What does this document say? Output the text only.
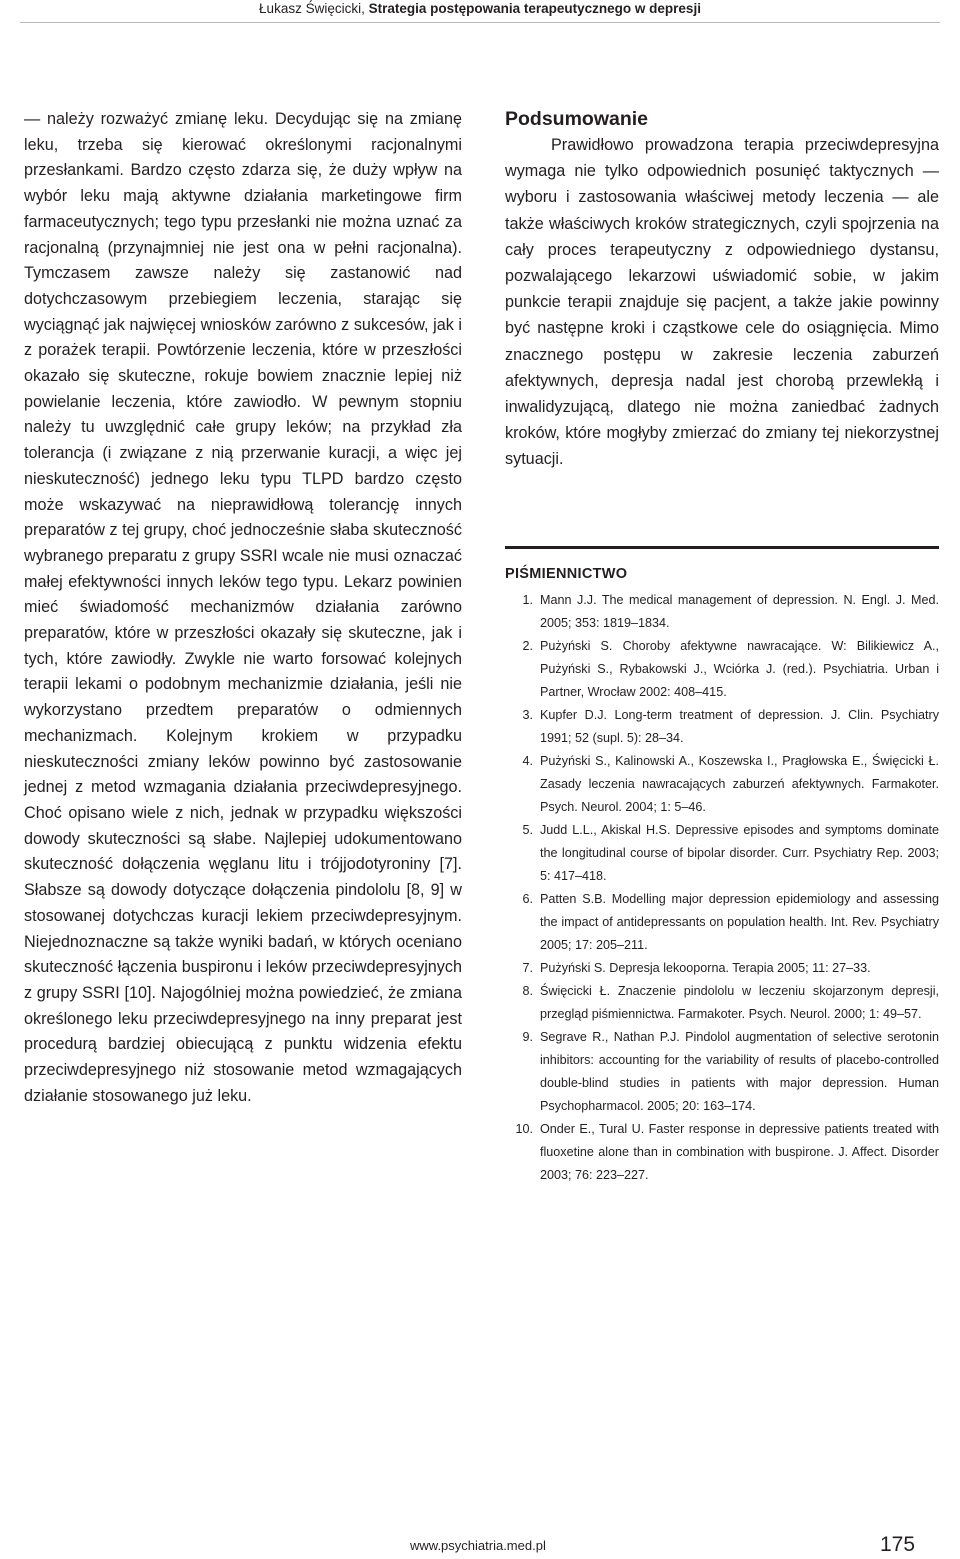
Łukasz Święcicki, Strategia postępowania terapeutycznego w depresji

— należy rozważyć zmianę leku. Decydując się na zmianę leku, trzeba się kierować określonymi racjonalnymi przesłankami. Bardzo często zdarza się, że duży wpływ na wybór leku mają aktywne działania marketingowe firm farmaceutycznych; tego typu przesłanki nie można uznać za racjonalną (przynajmniej nie jest ona w pełni racjonalna). Tymczasem zawsze należy się zastanowić nad dotychczasowym przebiegiem leczenia, starając się wyciągnąć jak najwięcej wniosków zarówno z sukcesów, jak i z porażek terapii. Powtórzenie leczenia, które w przeszłości okazało się skuteczne, rokuje bowiem znacznie lepiej niż powielanie leczenia, które zawiodło. W pewnym stopniu należy tu uwzględnić całe grupy leków; na przykład zła tolerancja (i związane z nią przerwanie kuracji, a więc jej nieskuteczność) jednego leku typu TLPD bardzo często może wskazywać na nieprawidłową tolerancję innych preparatów z tej grupy, choć jednocześnie słaba skuteczność wybranego preparatu z grupy SSRI wcale nie musi oznaczać małej efektywności innych leków tego typu. Lekarz powinien mieć świadomość mechanizmów działania zarówno preparatów, które w przeszłości okazały się skuteczne, jak i tych, które zawiodły. Zwykle nie warto forsować kolejnych terapii lekami o podobnym mechanizmie działania, jeśli nie wykorzystano przedtem preparatów o odmiennych mechanizmach. Kolejnym krokiem w przypadku nieskuteczności zmiany leków powinno być zastosowanie jednej z metod wzmagania działania przeciwdepresyjnego. Choć opisano wiele z nich, jednak w przypadku większości dowody skuteczności są słabe. Najlepiej udokumentowano skuteczność dołączenia węglanu litu i trójjodotyroniny [7]. Słabsze są dowody dotyczące dołączenia pindololu [8, 9] w stosowanej dotychczas kuracji lekiem przeciwdepresyjnym. Niejednoznaczne są także wyniki badań, w których oceniano skuteczność łączenia buspironu i leków przeciwdepresyjnych z grupy SSRI [10]. Najogólniej można powiedzieć, że zmiana określonego leku przeciwdepresyjnego na inny preparat jest procedurą bardziej obiecującą z punktu widzenia efektu przeciwdepresyjnego niż stosowanie metod wzmagających działanie stosowanego już leku.

Podsumowanie

Prawidłowo prowadzona terapia przeciwdepresyjna wymaga nie tylko odpowiednich posunięć taktycznych — wyboru i zastosowania właściwej metody leczenia — ale także właściwych kroków strategicznych, czyli spojrzenia na cały proces terapeutyczny z odpowiedniego dystansu, pozwalającego lekarzowi uświadomić sobie, w jakim punkcie terapii znajduje się pacjent, a także jakie powinny być następne kroki i cząstkowe cele do osiągnięcia. Mimo znacznego postępu w zakresie leczenia zaburzeń afektywnych, depresja nadal jest chorobą przewlekłą i inwalidyzującą, dlatego nie można zaniedbać żadnych kroków, które mogłyby zmierzać do zmiany tej niekorzystnej sytuacji.

PIŚMIENNICTWO
1. Mann J.J. The medical management of depression. N. Engl. J. Med. 2005; 353: 1819–1834.
2. Pużyński S. Choroby afektywne nawracające. W: Bilikiewicz A., Pużyński S., Rybakowski J., Wciórka J. (red.). Psychiatria. Urban i Partner, Wrocław 2002: 408–415.
3. Kupfer D.J. Long-term treatment of depression. J. Clin. Psychiatry 1991; 52 (supl. 5): 28–34.
4. Pużyński S., Kalinowski A., Koszewska I., Pragłowska E., Święcicki Ł. Zasady leczenia nawracających zaburzeń afektywnych. Farmakoter. Psych. Neurol. 2004; 1: 5–46.
5. Judd L.L., Akiskal H.S. Depressive episodes and symptoms dominate the longitudinal course of bipolar disorder. Curr. Psychiatry Rep. 2003; 5: 417–418.
6. Patten S.B. Modelling major depression epidemiology and assessing the impact of antidepressants on population health. Int. Rev. Psychiatry 2005; 17: 205–211.
7. Pużyński S. Depresja lekooporna. Terapia 2005; 11: 27–33.
8. Święcicki Ł. Znaczenie pindololu w leczeniu skojarzonym depresji, przegląd piśmiennictwa. Farmakoter. Psych. Neurol. 2000; 1: 49–57.
9. Segrave R., Nathan P.J. Pindolol augmentation of selective serotonin inhibitors: accounting for the variability of results of placebo-controlled double-blind studies in patients with major depression. Human Psychopharmacol. 2005; 20: 163–174.
10. Onder E., Tural U. Faster response in depressive patients treated with fluoxetine alone than in combination with buspirone. J. Affect. Disorder 2003; 76: 223–227.
www.psychiatria.med.pl	175
